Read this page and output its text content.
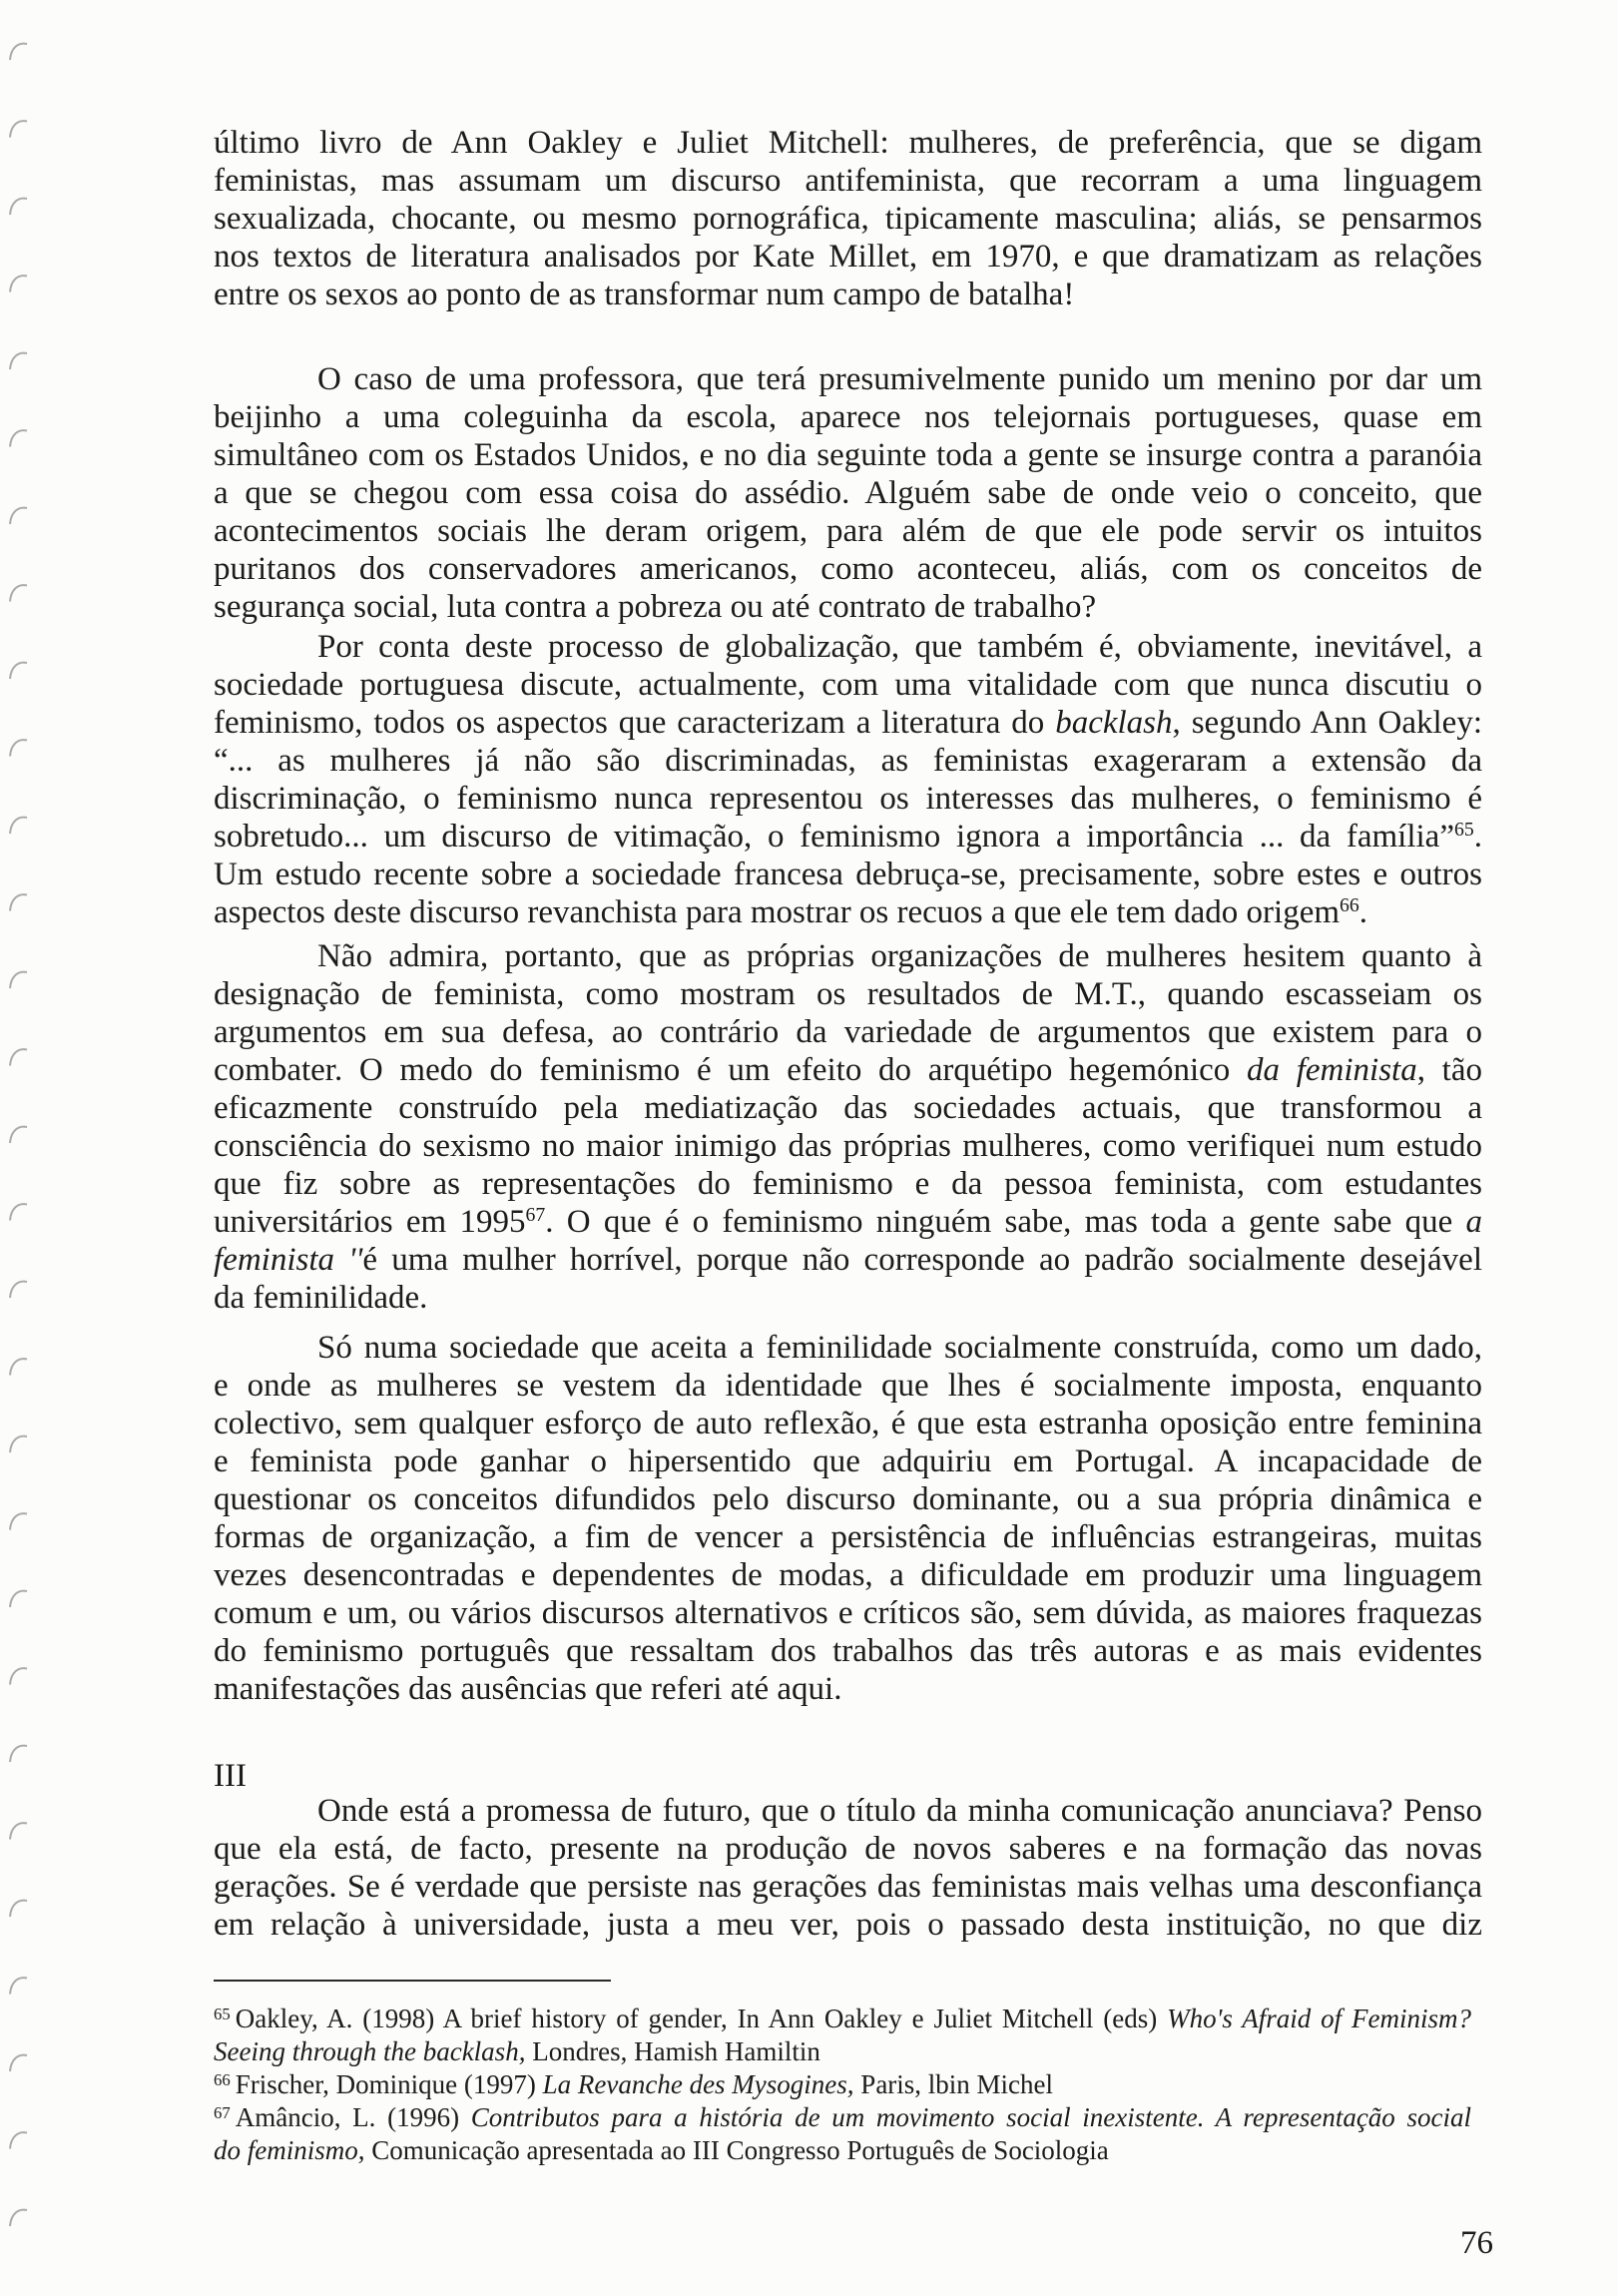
último livro de Ann Oakley e Juliet Mitchell: mulheres, de preferência, que se digam
feministas, mas assumam um discurso antifeminista, que recorram a uma linguagem
sexualizada, chocante, ou mesmo pornográfica, tipicamente masculina; aliás, se pensarmos
nos textos de literatura analisados por Kate Millet, em 1970, e que dramatizam as relações
entre os sexos ao ponto de as transformar num campo de batalha!
O caso de uma professora, que terá presumivelmente punido um menino por dar um
beijinho a uma coleguinha da escola, aparece nos telejornais portugueses, quase em
simultâneo com os Estados Unidos, e no dia seguinte toda a gente se insurge contra a paranóia
a que se chegou com essa coisa do assédio. Alguém sabe de onde veio o conceito, que
acontecimentos sociais lhe deram origem, para além de que ele pode servir os intuitos
puritanos dos conservadores americanos, como aconteceu, aliás, com os conceitos de
segurança social, luta contra a pobreza ou até contrato de trabalho?
Por conta deste processo de globalização, que também é, obviamente, inevitável, a
sociedade portuguesa discute, actualmente, com uma vitalidade com que nunca discutiu o
feminismo, todos os aspectos que caracterizam a literatura do backlash, segundo Ann Oakley:
“... as mulheres já não são discriminadas, as feministas exageraram a extensão da
discriminação, o feminismo nunca representou os interesses das mulheres, o feminismo é
sobretudo... um discurso de vitimação, o feminismo ignora a importância ... da família”$^{65}$.
Um estudo recente sobre a sociedade francesa debruça-se, precisamente, sobre estes e outros
aspectos deste discurso revanchista para mostrar os recuos a que ele tem dado origem$^{66}$.
Não admira, portanto, que as próprias organizações de mulheres hesitem quanto à
designação de feminista, como mostram os resultados de M.T., quando escasseiam os
argumentos em sua defesa, ao contrário da variedade de argumentos que existem para o
combater. O medo do feminismo é um efeito do arquétipo hegemónico da feminista, tão
eficazmente construído pela mediatização das sociedades actuais, que transformou a
consciência do sexismo no maior inimigo das próprias mulheres, como verifiquei num estudo
que fiz sobre as representações do feminismo e da pessoa feminista, com estudantes
universitários em 1995$^{67}$. O que é o feminismo ninguém sabe, mas toda a gente sabe que a
feminista ''é uma mulher horrível, porque não corresponde ao padrão socialmente desejável
da feminilidade.
Só numa sociedade que aceita a feminilidade socialmente construída, como um dado,
e onde as mulheres se vestem da identidade que lhes é socialmente imposta, enquanto
colectivo, sem qualquer esforço de auto reflexão, é que esta estranha oposição entre feminina
e feminista pode ganhar o hipersentido que adquiriu em Portugal. A incapacidade de
questionar os conceitos difundidos pelo discurso dominante, ou a sua própria dinâmica e
formas de organização, a fim de vencer a persistência de influências estrangeiras, muitas
vezes desencontradas e dependentes de modas, a dificuldade em produzir uma linguagem
comum e um, ou vários discursos alternativos e críticos são, sem dúvida, as maiores fraquezas
do feminismo português que ressaltam dos trabalhos das três autoras e as mais evidentes
manifestações das ausências que referi até aqui.
III
Onde está a promessa de futuro, que o título da minha comunicação anunciava? Penso
que ela está, de facto, presente na produção de novos saberes e na formação das novas
gerações. Se é verdade que persiste nas gerações das feministas mais velhas uma desconfiança
em relação à universidade, justa a meu ver, pois o passado desta instituição, no que diz
$^{65}$ Oakley, A. (1998) A brief history of gender, In Ann Oakley e Juliet Mitchell (eds) Who's Afraid of Feminism?
Seeing through the backlash, Londres, Hamish Hamiltin
$^{66}$ Frischer, Dominique (1997) La Revanche des Mysogines, Paris, lbin Michel
$^{67}$ Amâncio, L. (1996) Contributos para a história de um movimento social inexistente. A representação social
do feminismo, Comunicação apresentada ao III Congresso Português de Sociologia
76
